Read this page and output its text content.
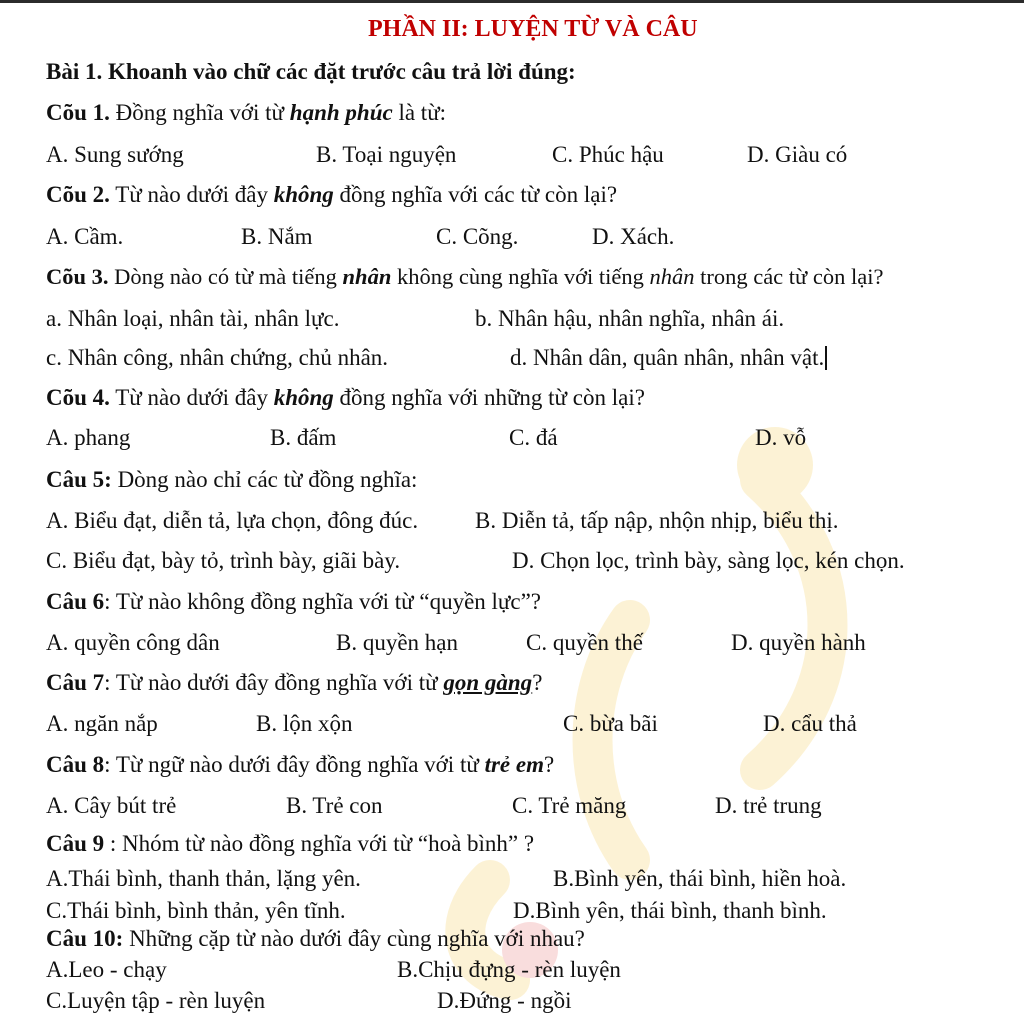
PHẦN II: LUYỆN TỪ VÀ CÂU
Bài 1. Khoanh vào chữ các đặt trước câu trả lời đúng:
Cõu 1. Đồng nghĩa với từ hạnh phúc là từ:
A. Sung sướng	B. Toại nguyện	C. Phúc hậu	D. Giàu có
Cõu 2. Từ nào dưới đây không đồng nghĩa với các từ còn lại?
A. Cầm.	B. Nắm	C. Cõng.	D. Xách.
Cõu 3. Dòng nào có từ mà tiếng nhân không cùng nghĩa với tiếng nhân trong các từ còn lại?
a. Nhân loại, nhân tài, nhân lực.	b. Nhân hậu, nhân nghĩa, nhân ái.
c. Nhân công, nhân chứng, chủ nhân.	d. Nhân dân, quân nhân, nhân vật.
Cõu 4. Từ nào dưới đây không đồng nghĩa với những từ còn lại?
A. phang	B. đấm	C. đá	D. vỗ
Câu 5: Dòng nào chỉ các từ đồng nghĩa:
A. Biểu đạt, diễn tả, lựa chọn, đông đúc. B. Diễn tả, tấp nập, nhộn nhịp, biểu thị.
C. Biểu đạt, bày tỏ, trình bày, giãi bày.	D. Chọn lọc, trình bày, sàng lọc, kén chọn.
Câu 6: Từ nào không đồng nghĩa với từ “quyền lực”?
A. quyền công dân	B. quyền hạn	C. quyền thế	D. quyền hành
Câu 7: Từ nào dưới đây đồng nghĩa với từ gọn gàng?
A. ngăn nắp	B. lộn xộn	C. bừa bãi	D. cẩu thả
Câu 8: Từ ngữ nào dưới đây đồng nghĩa với từ trẻ em?
A. Cây bút trẻ	B. Trẻ con	C. Trẻ măng	D. trẻ trung
Câu 9 : Nhóm từ nào đồng nghĩa với từ “hoà bình” ?
A.Thái bình, thanh thản, lặng yên.	B.Bình yên, thái bình, hiền hoà.
C.Thái bình, bình thản, yên tĩnh.	D.Bình yên, thái bình, thanh bình.
Câu 10: Những cặp từ nào dưới đây cùng nghĩa với nhau?
A.Leo - chạy	B.Chịu đựng - rèn luyện
C.Luyện tập - rèn luyện	D.Đứng - ngồi
